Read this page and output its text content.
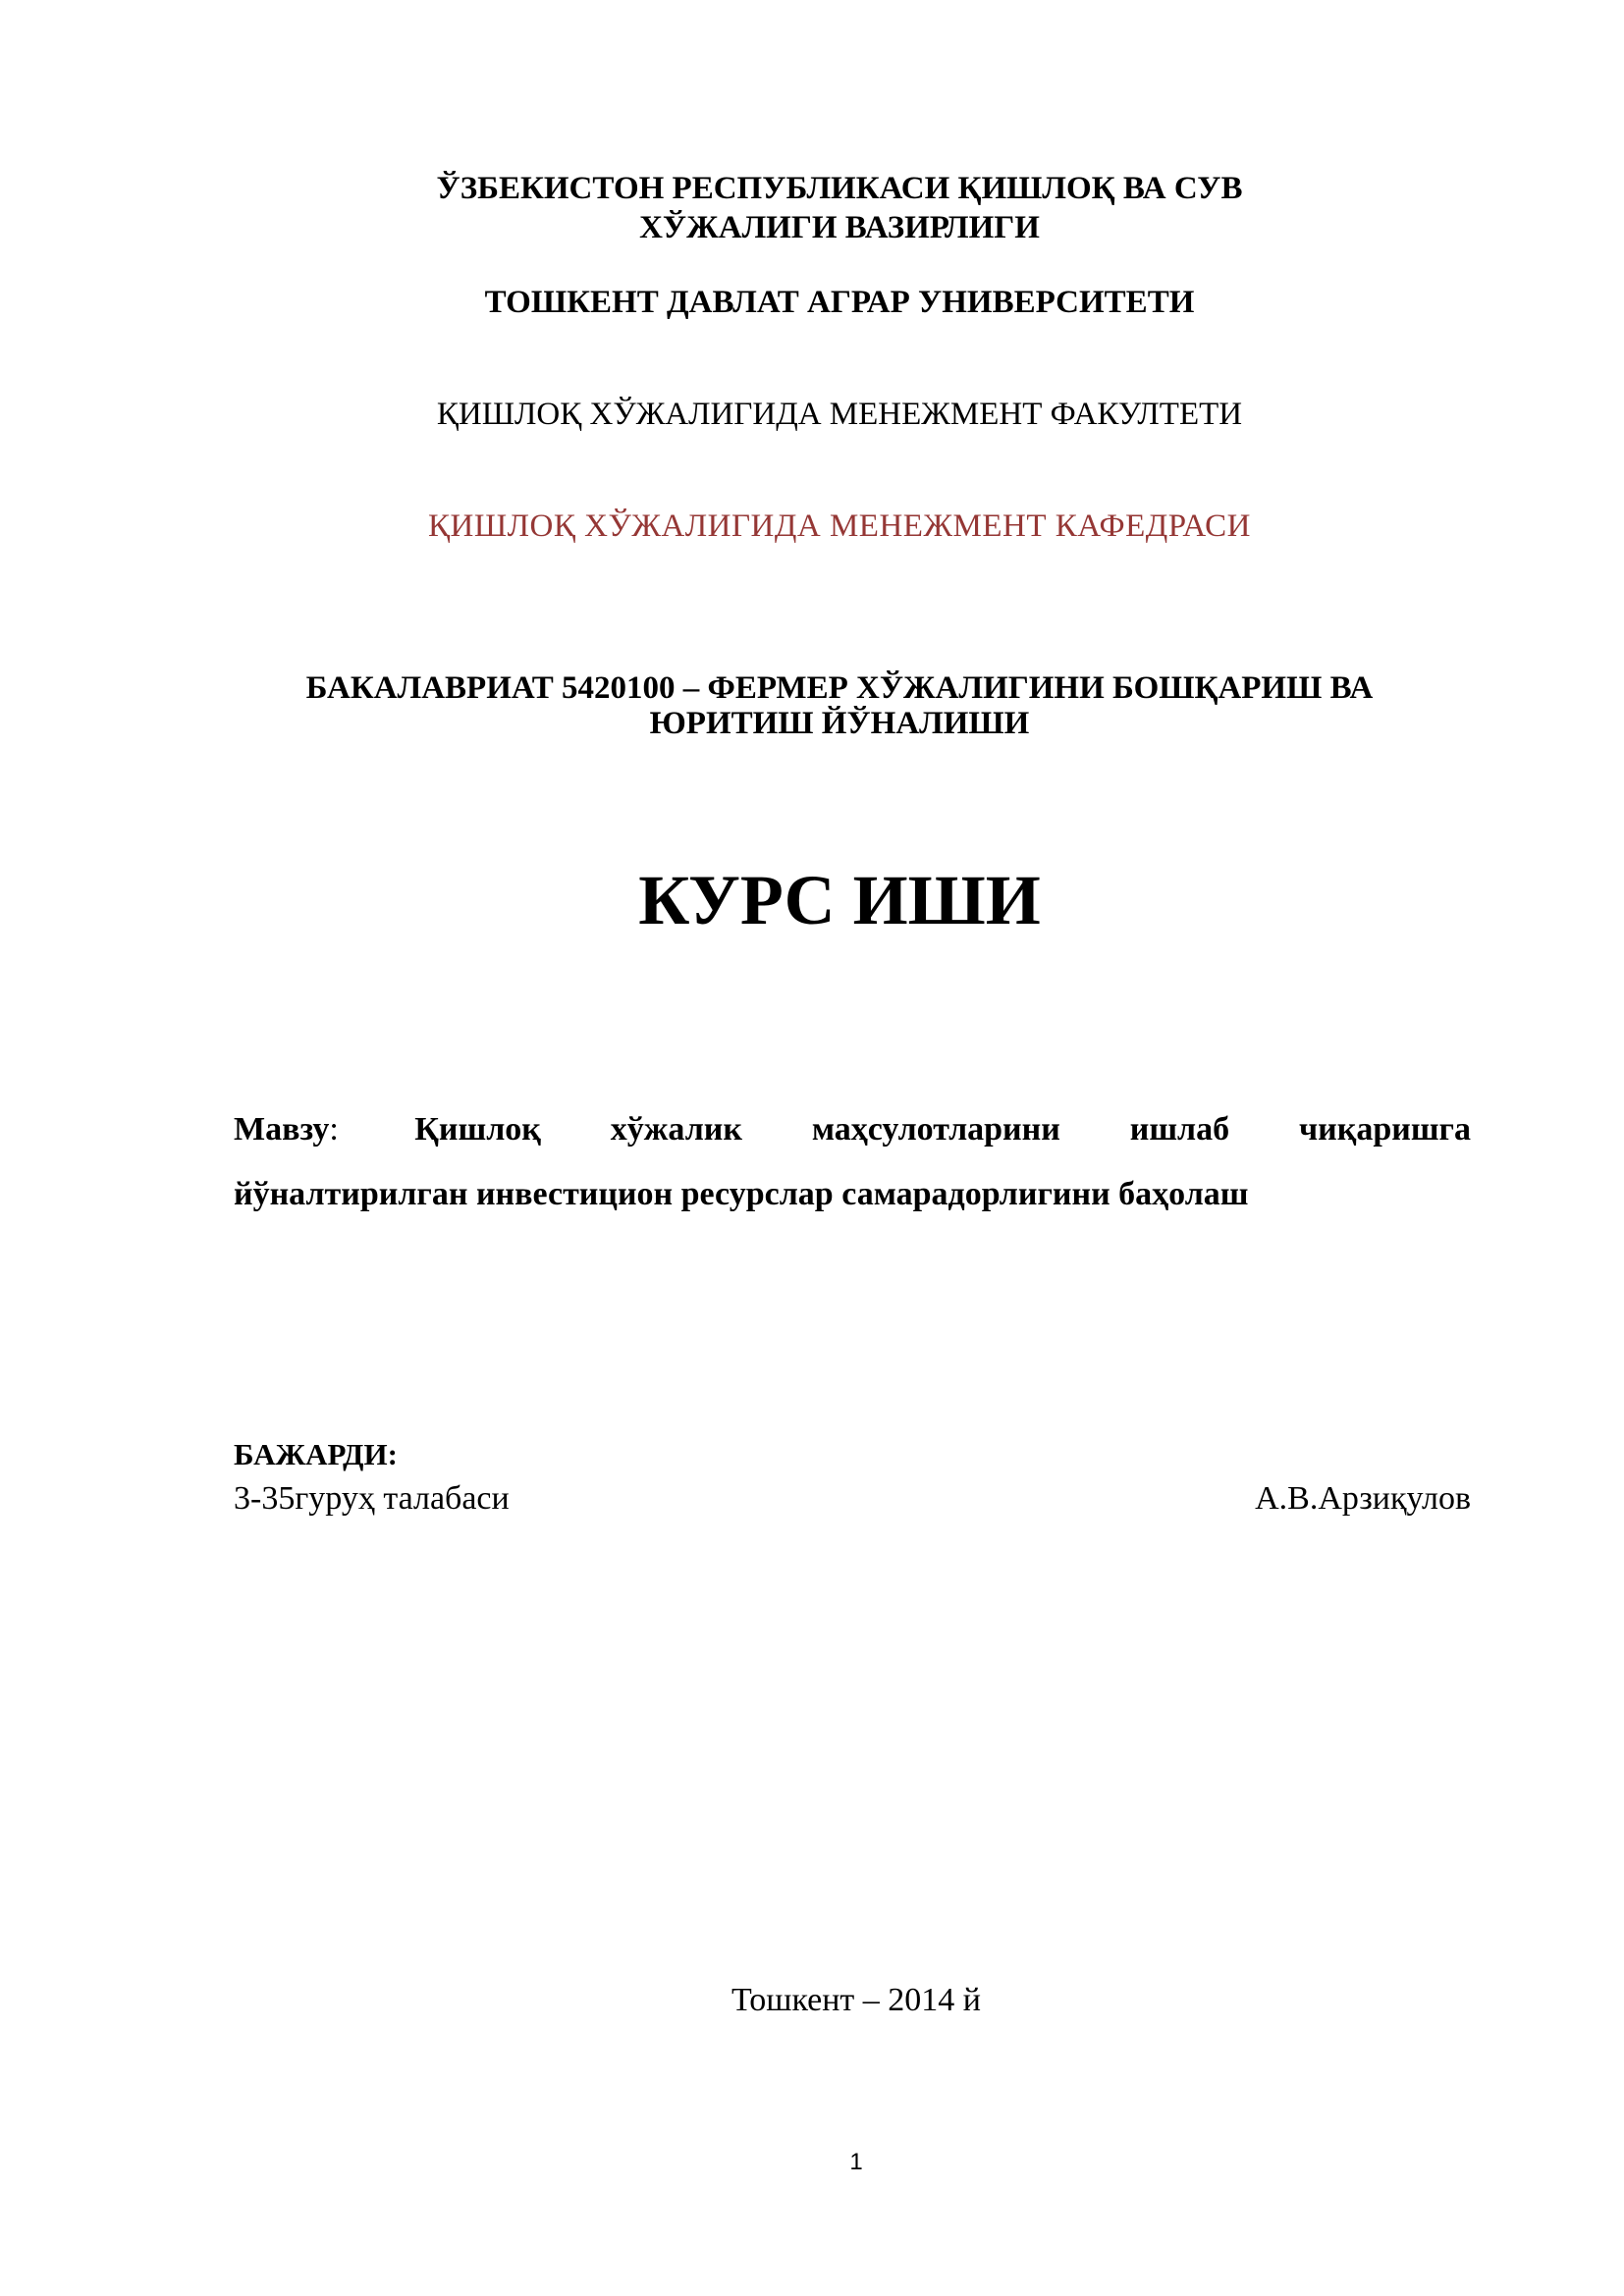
ЎЗБЕКИСТОН РЕСПУБЛИКАСИ ҚИШЛОҚ ВА СУВ
ХЎЖАЛИГИ ВАЗИРЛИГИ
ТОШКЕНТ ДАВЛАТ АГРАР УНИВЕРСИТЕТИ
ҚИШЛОҚ ХЎЖАЛИГИДА МЕНЕЖМЕНТ ФАКУЛТЕТИ
ҚИШЛОҚ ХЎЖАЛИГИДА МЕНЕЖМЕНТ КАФЕДРАСИ
БАКАЛАВРИАТ 5420100 – ФЕРМЕР ХЎЖАЛИГИНИ БОШҚАРИШ ВА
ЮРИТИШ ЙЎНАЛИШИ
КУРС ИШИ
Мавзу: Қишлоқ хўжалик маҳсулотларини ишлаб чиқаришга
йўналтирилган инвестицион ресурслар самарадорлигини баҳолаш
БАЖАРДИ:
3-35гуруҳ талабаси	А.В.Арзиқулов
Тошкент – 2014 й
1
